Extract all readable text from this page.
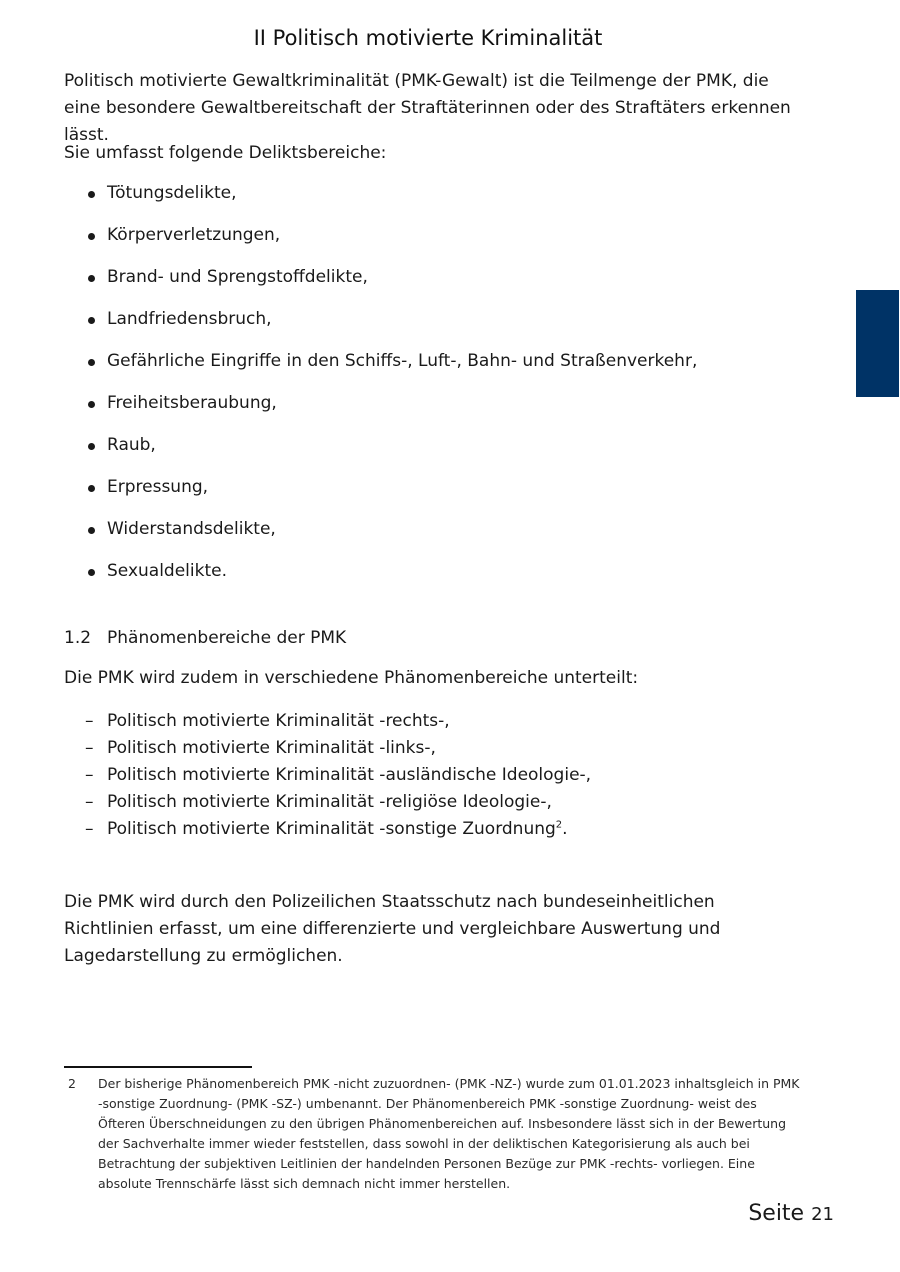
II Politisch motivierte Kriminalität

Politisch motivierte Gewaltkriminalität (PMK-Gewalt) ist die Teilmenge der PMK, die eine besondere Gewaltbereitschaft der Straftäterinnen oder des Straftäters erkennen lässt.

Sie umfasst folgende Deliktsbereiche:

Tötungsdelikte,
Körperverletzungen,
Brand- und Sprengstoffdelikte,
Landfriedensbruch,
Gefährliche Eingriffe in den Schiffs-, Luft-, Bahn- und Straßenverkehr,
Freiheitsberaubung,
Raub,
Erpressung,
Widerstandsdelikte,
Sexualdelikte.
1.2 Phänomenbereiche der PMK

Die PMK wird zudem in verschiedene Phänomenbereiche unterteilt:

– Politisch motivierte Kriminalität -rechts-,
– Politisch motivierte Kriminalität -links-,
– Politisch motivierte Kriminalität -ausländische Ideologie-,
– Politisch motivierte Kriminalität -religiöse Ideologie-,
– Politisch motivierte Kriminalität -sonstige Zuordnung$^2$.

Die PMK wird durch den Polizeilichen Staatsschutz nach bundeseinheitlichen Richtlinien erfasst, um eine differenzierte und vergleichbare Auswertung und Lagedarstellung zu ermöglichen.

2 Der bisherige Phänomenbereich PMK -nicht zuzuordnen- (PMK -NZ-) wurde zum 01.01.2023 inhaltsgleich in PMK -sonstige Zuordnung- (PMK -SZ-) umbenannt. Der Phänomenbereich PMK -sonstige Zuordnung- weist des Öfteren Überschneidungen zu den übrigen Phänomenbereichen auf. Insbesondere lässt sich in der Bewertung der Sachverhalte immer wieder feststellen, dass sowohl in der deliktischen Kategorisierung als auch bei Betrachtung der subjektiven Leitlinien der handelnden Personen Bezüge zur PMK -rechts- vorliegen. Eine absolute Trennschärfe lässt sich demnach nicht immer herstellen.
Seite 21
